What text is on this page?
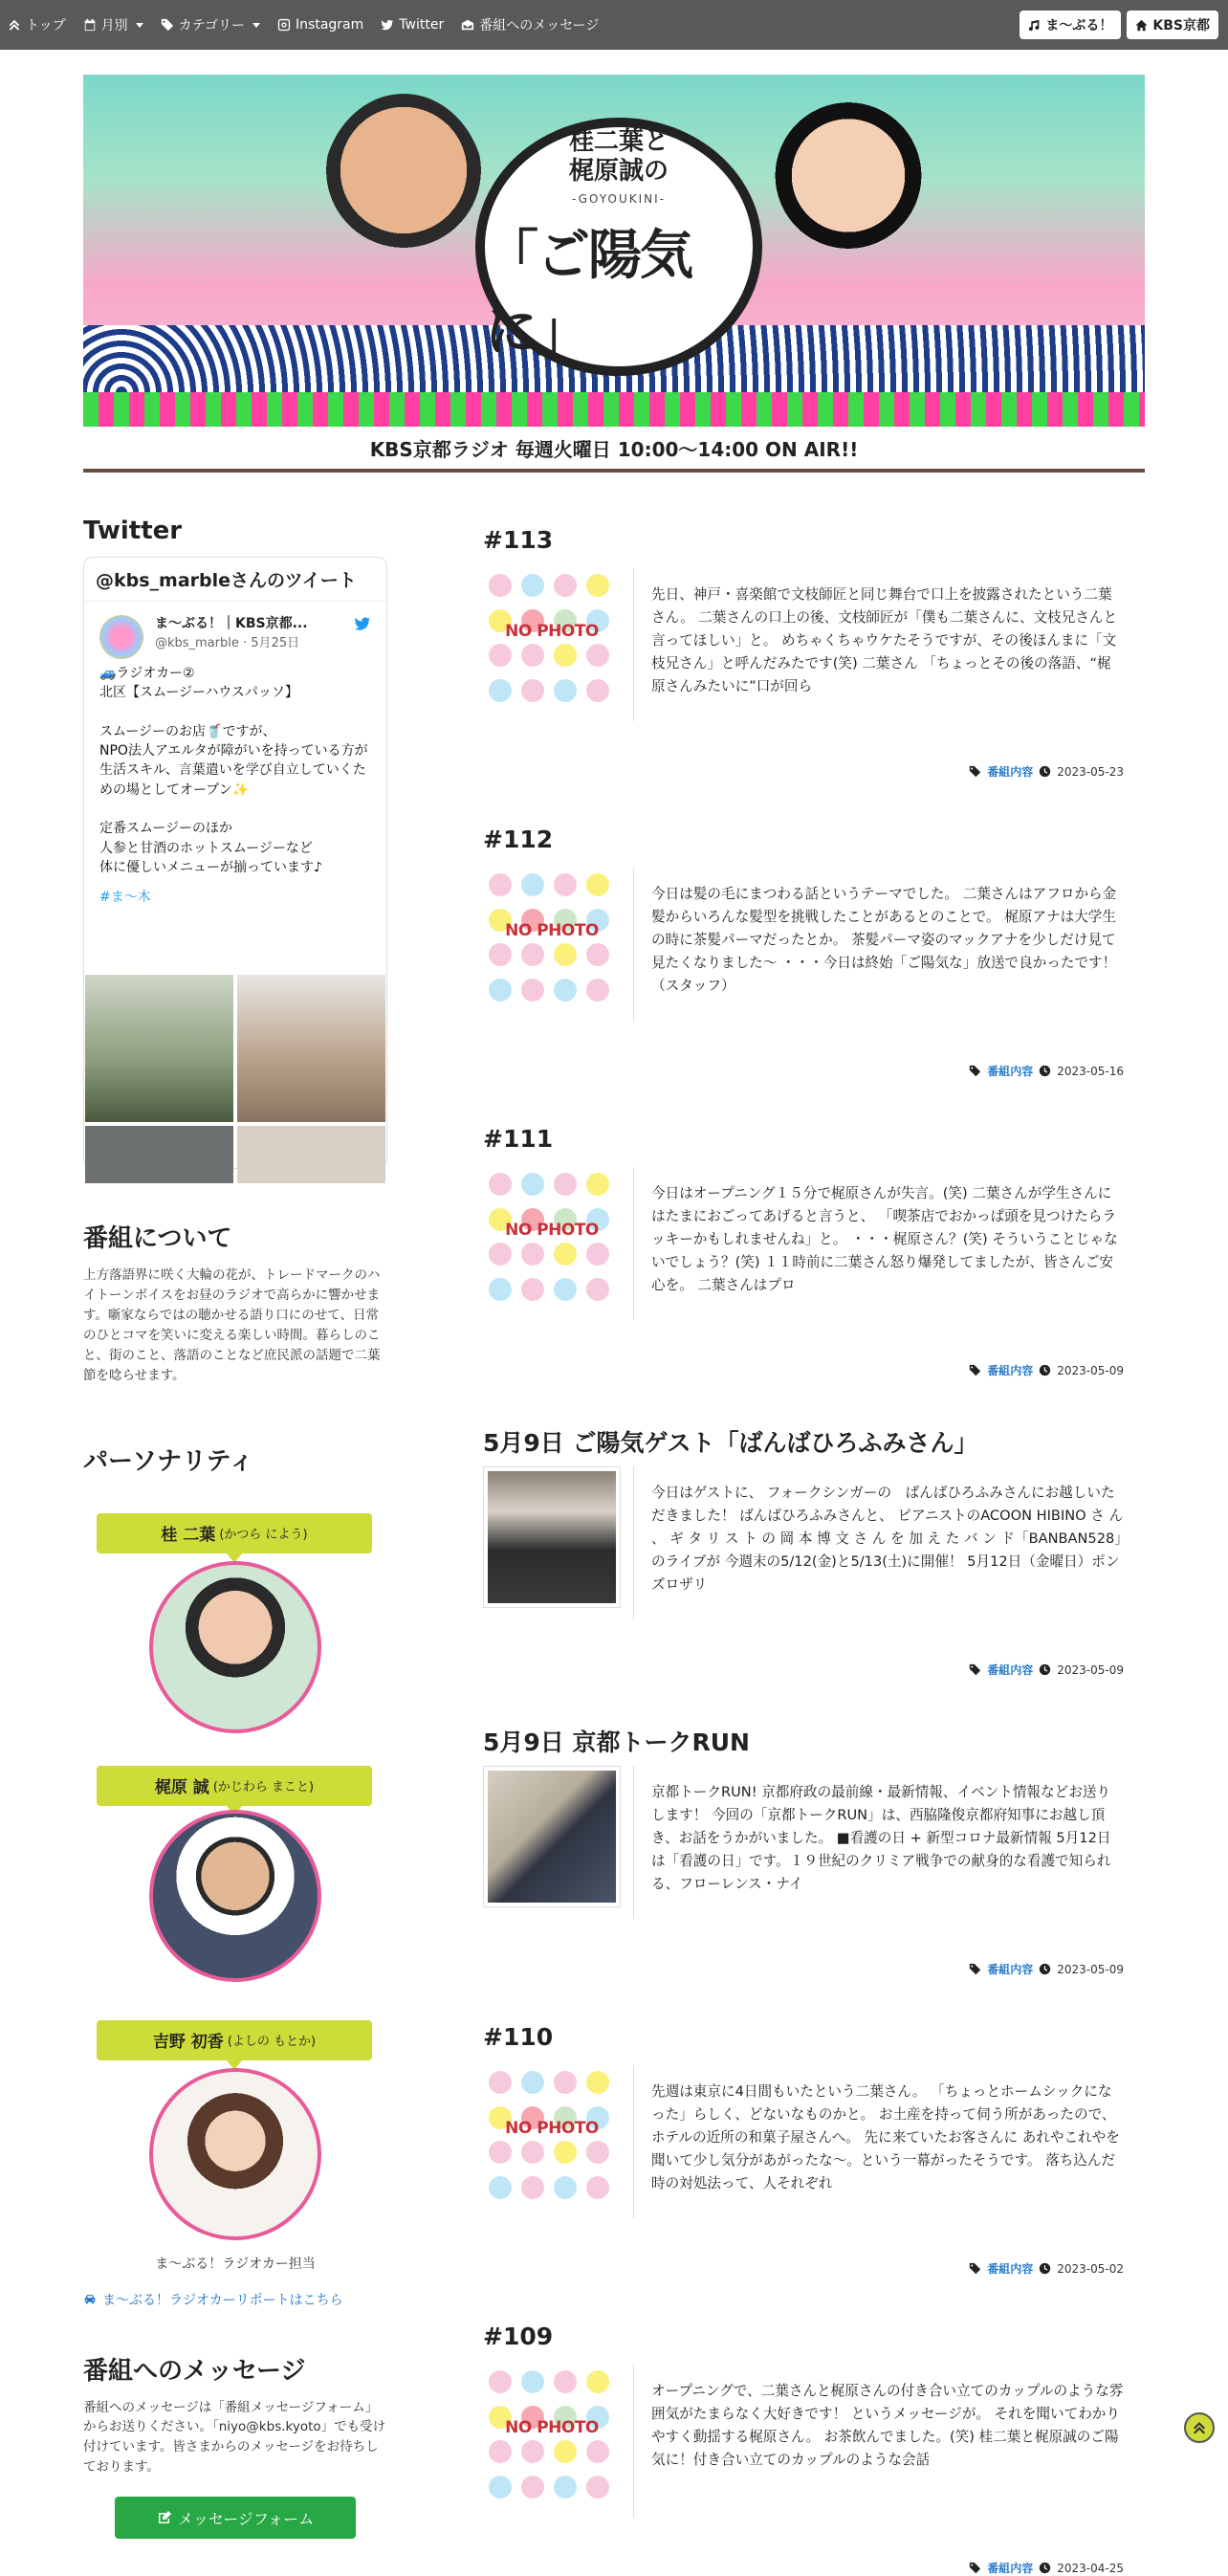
トップ	月別	カテゴリー	Instagram	Twitter	番組へのメッセージ	ま～ぶる！	KBS京都
桂二葉と
梶原誠の
-GOYOUKINI-
「ご陽気に」
KBS京都ラジオ 毎週火曜日 10:00～14:00 ON AIR!!
Twitter
@kbs_marbleさんのツイート
ま～ぶる！｜KBS京都...
@kbs_marble · 5月25日
🚙ラジオカー②
北区【スムージーハウスパッソ】

スムージーのお店🥤ですが、
NPO法人アエルタが障がいを持っている方が生活スキル、言葉遣いを学び自立していくための場としてオープン✨

定番スムージーのほか
人参と甘酒のホットスムージーなど
体に優しいメニューが揃っています♪
#ま～木
番組について
上方落語界に咲く大輪の花が、トレードマークのハイトーンボイスをお昼のラジオで高らかに響かせます。噺家ならではの聴かせる語り口にのせて、日常のひとコマを笑いに変える楽しい時間。暮らしのこと、街のこと、落語のことなど庶民派の話題で二葉節を唸らせます。
パーソナリティ
桂 二葉 (かつら によう)
梶原 誠 (かじわら まこと)
吉野 初香 (よしの もとか)
ま～ぶる！ラジオカー担当
ま～ぶる！ラジオカーリポートはこちら
番組へのメッセージ
番組へのメッセージは「番組メッセージフォーム」からお送りください。「niyo@kbs.kyoto」でも受け付けています。皆さまからのメッセージをお待ちしております。
メッセージフォーム
#113
NO PHOTO
先日、神戸・喜楽館で文枝師匠と同じ舞台で口上を披露されたという二葉さん。 二葉さんの口上の後、文枝師匠が「僕も二葉さんに、文枝兄さんと言ってほしい」と。 めちゃくちゃウケたそうですが、その後ほんまに「文枝兄さん」と呼んだみたです(笑) 二葉さん 「ちょっとその後の落語、“梶原さんみたいに”口が回ら
番組内容 2023-05-23
#112
NO PHOTO
今日は髪の毛にまつわる話というテーマでした。 二葉さんはアフロから金髪からいろんな髪型を挑戦したことがあるとのことで。 梶原アナは大学生の時に茶髪パーマだったとか。 茶髪パーマ姿のマックアナを少しだけ見て見たくなりました～ ・・・今日は終始「ご陽気な」放送で良かったです！（スタッフ）
番組内容 2023-05-16
#111
NO PHOTO
今日はオープニング１５分で梶原さんが失言。(笑) 二葉さんが学生さんにはたまにおごってあげると言うと、 「喫茶店でおかっぱ頭を見つけたらラッキーかもしれませんね」と。 ・・・梶原さん？(笑) そういうことじゃないでしょう？(笑) １１時前に二葉さん怒り爆発してましたが、皆さんご安心を。 二葉さんはプロ
番組内容 2023-05-09
5月9日 ご陽気ゲスト「ばんばひろふみさん」
今日はゲストに、 フォークシンガーの　ばんばひろふみさんにお越しいただきました！ ばんばひろふみさんと、 ピアニストのACOON HIBINO さ ん 、 ギ タ リ ス ト の 岡 本 博 文 さ ん を 加 え た バ ン ド「BANBAN528」のライブが 今週末の5/12(金)と5/13(土)に開催！ 5月12日（金曜日）ポンズロザリ
番組内容 2023-05-09
5月9日 京都トークRUN
京都トークRUN! 京都府政の最前線・最新情報、イベント情報などお送りします！ 今回の「京都トークRUN」は、西脇隆俊京都府知事にお越し頂き、お話をうかがいました。 ■看護の日 + 新型コロナ最新情報 5月12日は「看護の日」です。１９世紀のクリミア戦争での献身的な看護で知られる、フローレンス・ナイ
番組内容 2023-05-09
#110
NO PHOTO
先週は東京に4日間もいたという二葉さん。 「ちょっとホームシックになった」らしく、どないなものかと。 お土産を持って伺う所があったので、ホテルの近所の和菓子屋さんへ。 先に来ていたお客さんに あれやこれやを聞いて少し気分があがったな～。という一幕がったそうです。 落ち込んだ時の対処法って、人それぞれ
番組内容 2023-05-02
#109
NO PHOTO
オープニングで、二葉さんと梶原さんの付き合い立てのカップルのような雰囲気がたまらなく大好きです！ というメッセージが。 それを聞いてわかりやすく動揺する梶原さん。 お茶飲んでました。(笑) 桂二葉と梶原誠のご陽気に！付き合い立てのカップルのような会話
番組内容 2023-04-25
